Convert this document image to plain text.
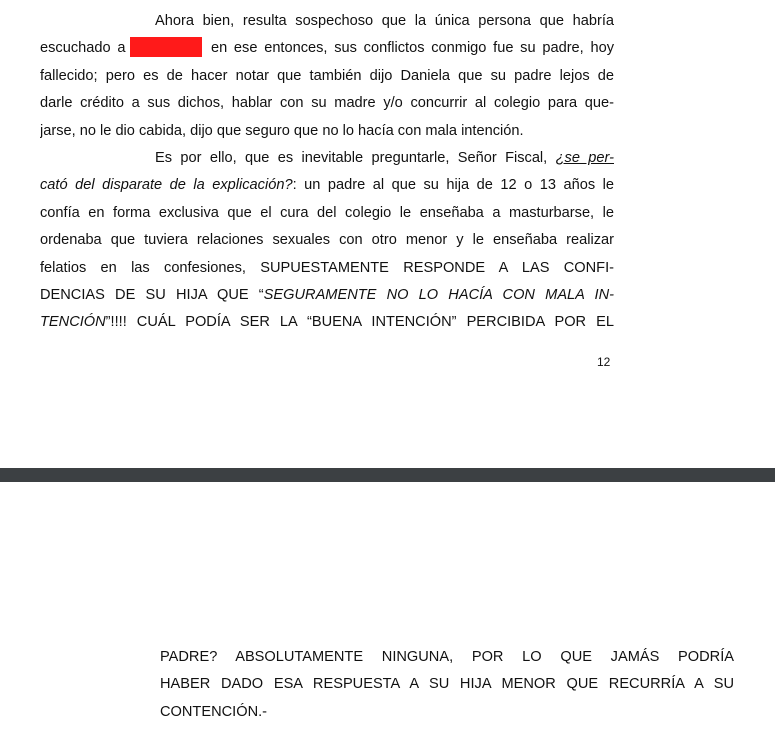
Ahora bien, resulta sospechoso que la única persona que habría
escuchado a	en ese entonces, sus conflictos conmigo fue su padre, hoy
fallecido; pero es de hacer notar que también dijo Daniela que su padre lejos de
darle crédito a sus dichos, hablar con su madre y/o concurrir al colegio para que-
jarse, no le dio cabida, dijo que seguro que no lo hacía con mala intención.
Es por ello, que es inevitable preguntarle, Señor Fiscal, ¿se per-
cató del disparate de la explicación?: un padre al que su hija de 12 o 13 años le
confía en forma exclusiva que el cura del colegio le enseñaba a masturbarse, le
ordenaba que tuviera relaciones sexuales con otro menor y le enseñaba realizar
felatios en las confesiones, SUPUESTAMENTE RESPONDE A LAS CONFI-
DENCIAS DE SU HIJA QUE “SEGURAMENTE NO LO HACÍA CON MALA IN-
TENCIÓN”!!!! CUÁL PODÍA SER LA “BUENA INTENCIÓN” PERCIBIDA POR EL
12
PADRE? ABSOLUTAMENTE NINGUNA, POR LO QUE JAMÁS PODRÍA
HABER DADO ESA RESPUESTA A SU HIJA MENOR QUE RECURRÍA A SU
CONTENCIÓN.-
